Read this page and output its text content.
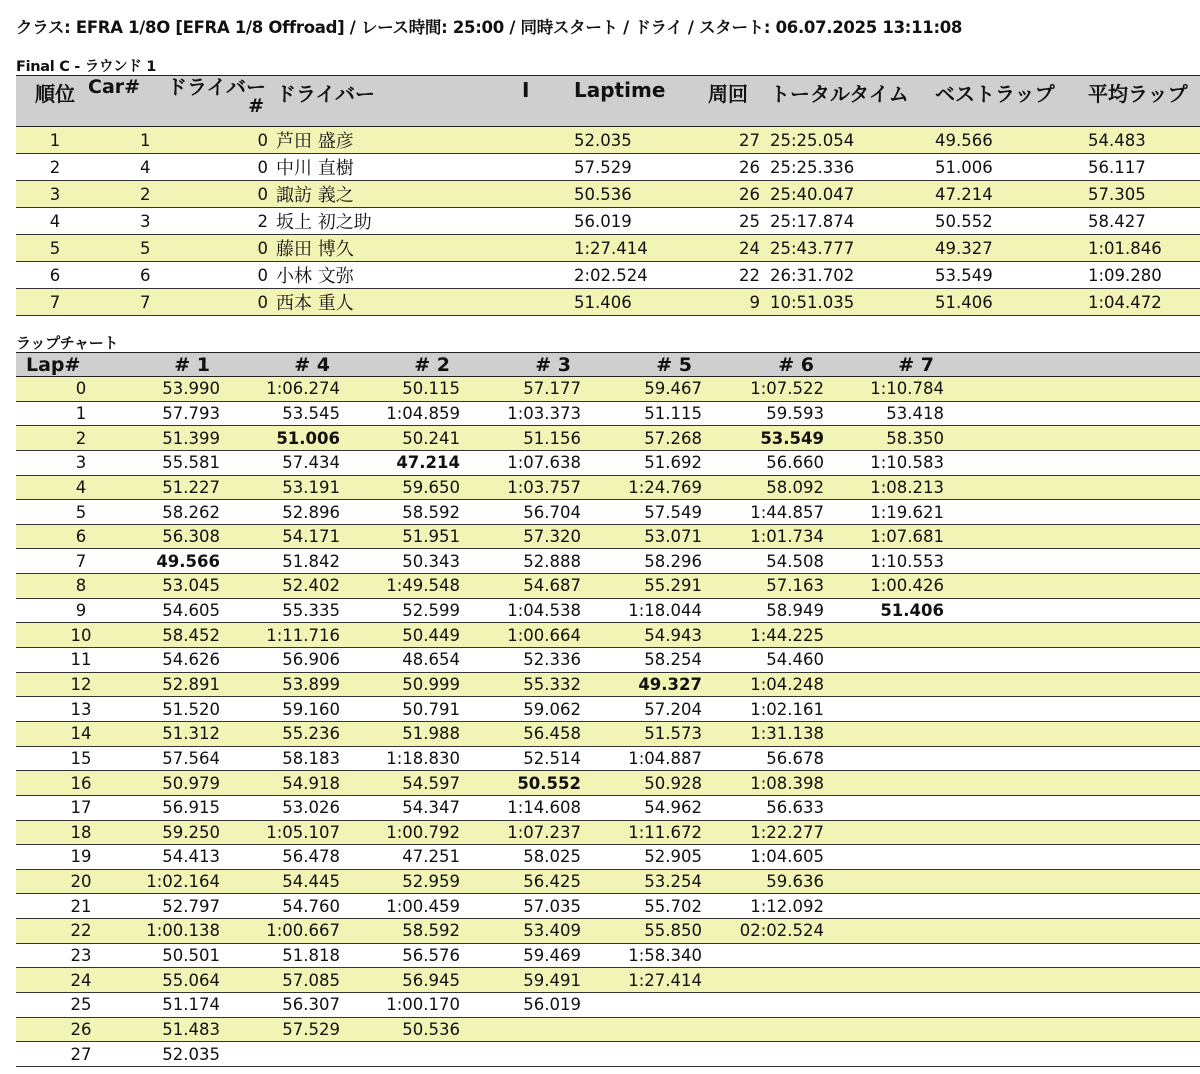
クラス: EFRA 1/8O [EFRA 1/8 Offroad] / レース時間: 25:00 / 同時スタート / ドライ / スタート: 06.07.2025 13:11:08
Final C - ラウンド 1
順位		Car# ドライバー
#	ドライバー	I	Laptime	周回	トータルタイム	ベストラップ	平均ラップ
1		1 0	芦田 盛彦		52.035	27	25:25.054	49.566	54.483
2		4 0	中川 直樹		57.529	26	25:25.336	51.006	56.117
3		2 0	諏訪 義之		50.536	26	25:40.047	47.214	57.305
4		3 2	坂上 初之助		56.019	25	25:17.874	50.552	58.427
5		5 0	藤田 博久		1:27.414	24	25:43.777	49.327	1:01.846
6		6 0	小林 文弥		2:02.524	22	26:31.702	53.549	1:09.280
7		7 0	西本 重人		51.406	9	10:51.035	51.406	1:04.472
ラップチャート
Lap#	# 1	# 4	# 2	# 3	# 5	# 6	# 7	
0	53.990	1:06.274	50.115	57.177	59.467	1:07.522	1:10.784	
1	57.793	53.545	1:04.859	1:03.373	51.115	59.593	53.418	
2	51.399	51.006	50.241	51.156	57.268	53.549	58.350	
3	55.581	57.434	47.214	1:07.638	51.692	56.660	1:10.583	
4	51.227	53.191	59.650	1:03.757	1:24.769	58.092	1:08.213	
5	58.262	52.896	58.592	56.704	57.549	1:44.857	1:19.621	
6	56.308	54.171	51.951	57.320	53.071	1:01.734	1:07.681	
7	49.566	51.842	50.343	52.888	58.296	54.508	1:10.553	
8	53.045	52.402	1:49.548	54.687	55.291	57.163	1:00.426	
9	54.605	55.335	52.599	1:04.538	1:18.044	58.949	51.406	
10	58.452	1:11.716	50.449	1:00.664	54.943	1:44.225		
11	54.626	56.906	48.654	52.336	58.254	54.460		
12	52.891	53.899	50.999	55.332	49.327	1:04.248		
13	51.520	59.160	50.791	59.062	57.204	1:02.161		
14	51.312	55.236	51.988	56.458	51.573	1:31.138		
15	57.564	58.183	1:18.830	52.514	1:04.887	56.678		
16	50.979	54.918	54.597	50.552	50.928	1:08.398		
17	56.915	53.026	54.347	1:14.608	54.962	56.633		
18	59.250	1:05.107	1:00.792	1:07.237	1:11.672	1:22.277		
19	54.413	56.478	47.251	58.025	52.905	1:04.605		
20	1:02.164	54.445	52.959	56.425	53.254	59.636		
21	52.797	54.760	1:00.459	57.035	55.702	1:12.092		
22	1:00.138	1:00.667	58.592	53.409	55.850	02:02.524		
23	50.501	51.818	56.576	59.469	1:58.340			
24	55.064	57.085	56.945	59.491	1:27.414			
25	51.174	56.307	1:00.170	56.019				
26	51.483	57.529	50.536					
27	52.035							
